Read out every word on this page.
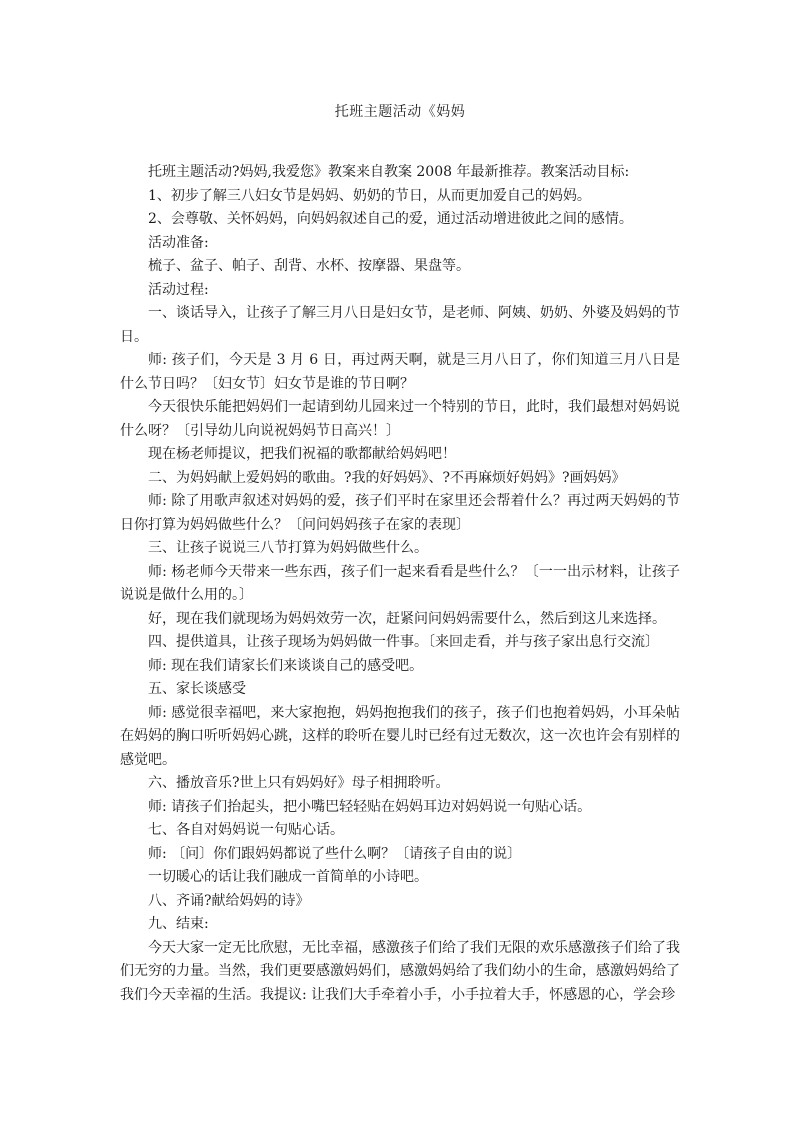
托班主题活动《妈妈

托班主题活动?妈妈,我爱您》教案来自教案 2008 年最新推荐。教案活动目标:

1、初步了解三八妇女节是妈妈、奶奶的节日，从而更加爱自己的妈妈。

2、会尊敬、关怀妈妈，向妈妈叙述自己的爱，通过活动增进彼此之间的感情。

活动准备:

梳子、盆子、帕子、刮背、水杯、按摩器、果盘等。

活动过程:

一、谈话导入，让孩子了解三月八日是妇女节，是老师、阿姨、奶奶、外婆及妈妈的节日。

师: 孩子们，今天是 3 月 6 日，再过两天啊，就是三月八日了，你们知道三月八日是什么节日吗？〔妇女节〕妇女节是谁的节日啊？

今天很快乐能把妈妈们一起请到幼儿园来过一个特别的节日，此时，我们最想对妈妈说什么呀？〔引导幼儿向说祝妈妈节日高兴！〕

现在杨老师提议，把我们祝福的歌都献给妈妈吧！

二、为妈妈献上爱妈妈的歌曲。?我的好妈妈》、?不再麻烦好妈妈》?画妈妈》

师: 除了用歌声叙述对妈妈的爱，孩子们平时在家里还会帮着什么？再过两天妈妈的节日你打算为妈妈做些什么？〔问问妈妈孩子在家的表现〕

三、让孩子说说三八节打算为妈妈做些什么。

师: 杨老师今天带来一些东西，孩子们一起来看看是些什么？〔一一出示材料，让孩子说说是做什么用的。〕

好，现在我们就现场为妈妈效劳一次，赶紧问问妈妈需要什么，然后到这儿来选择。

四、提供道具，让孩子现场为妈妈做一件事。〔来回走看，并与孩子家出息行交流〕

师: 现在我们请家长们来谈谈自己的感受吧。

五、家长谈感受

师: 感觉很幸福吧，来大家抱抱，妈妈抱抱我们的孩子，孩子们也抱着妈妈，小耳朵帖在妈妈的胸口听听妈妈心跳，这样的聆听在婴儿时已经有过无数次，这一次也许会有别样的感觉吧。

六、播放音乐?世上只有妈妈好》母子相拥聆听。

师: 请孩子们抬起头，把小嘴巴轻轻贴在妈妈耳边对妈妈说一句贴心话。

七、各自对妈妈说一句贴心话。

师: 〔问〕你们跟妈妈都说了些什么啊？〔请孩子自由的说〕

一切暖心的话让我们融成一首简单的小诗吧。

八、齐诵?献给妈妈的诗》

九、结束:

今天大家一定无比欣慰，无比幸福，感激孩子们给了我们无限的欢乐感激孩子们给了我们无穷的力量。当然，我们更要感激妈妈们，感激妈妈给了我们幼小的生命，感激妈妈给了我们今天幸福的生活。我提议: 让我们大手牵着小手，小手拉着大手，怀感恩的心，学会珍
